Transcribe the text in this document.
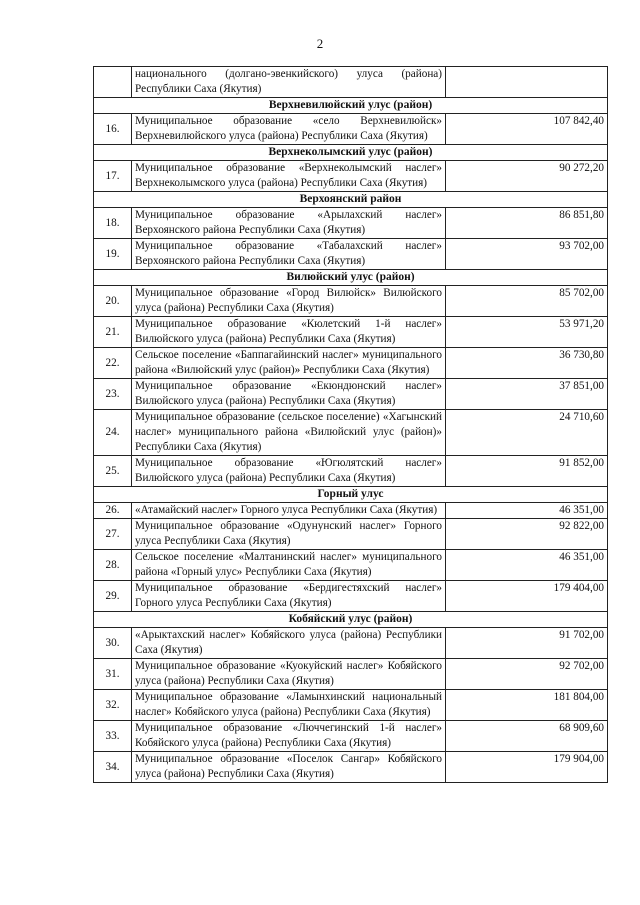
2
	национального (долгано-эвенкийского) улуса (района) Республики Саха (Якутия)	
Верхневилюйский улус (район)		
16.	Муниципальное образование «село Верхневилюйск» Верхневилюйского улуса (района) Республики Саха (Якутия)	107 842,40
Верхнеколымский улус (район)		
17.	Муниципальное образование «Верхнеколымский наслег» Верхнеколымского улуса (района) Республики Саха (Якутия)	90 272,20
Верхоянский район		
18.	Муниципальное образование «Арылахский наслег» Верхоянского района Республики Саха (Якутия)	86 851,80
19.	Муниципальное образование «Табалахский наслег» Верхоянского района Республики Саха (Якутия)	93 702,00
Вилюйский улус (район)		
20.	Муниципальное образование «Город Вилюйск» Вилюйского улуса (района) Республики Саха (Якутия)	85 702,00
21.	Муниципальное образование «Кюлетский 1-й наслег» Вилюйского улуса (района) Республики Саха (Якутия)	53 971,20
22.	Сельское поселение «Баппагайинский наслег» муниципального района «Вилюйский улус (район)» Республики Саха (Якутия)	36 730,80
23.	Муниципальное образование «Екюндюнский наслег» Вилюйского улуса (района) Республики Саха (Якутия)	37 851,00
24.	Муниципальное образование (сельское поселение) «Хагынский наслег» муниципального района «Вилюйский улус (район)» Республики Саха (Якутия)	24 710,60
25.	Муниципальное образование «Югюлятский наслег» Вилюйского улуса (района) Республики Саха (Якутия)	91 852,00
Горный улус		
26.	«Атамайский наслег» Горного улуса Республики Саха (Якутия)	46 351,00
27.	Муниципальное образование «Одунунский наслег» Горного улуса Республики Саха (Якутия)	92 822,00
28.	Сельское поселение «Малтанинский наслег» муниципального района «Горный улус» Республики Саха (Якутия)	46 351,00
29.	Муниципальное образование «Бердигестяхский наслег» Горного улуса Республики Саха (Якутия)	179 404,00
Кобяйский улус (район)		
30.	«Арыктахский наслег» Кобяйского улуса (района) Республики Саха (Якутия)	91 702,00
31.	Муниципальное образование «Куокуйский наслег» Кобяйского улуса (района) Республики Саха (Якутия)	92 702,00
32.	Муниципальное образование «Ламынхинский национальный наслег» Кобяйского улуса (района) Республики Саха (Якутия)	181 804,00
33.	Муниципальное образование «Люччегинский 1-й наслег» Кобяйского улуса (района) Республики Саха (Якутия)	68 909,60
34.	Муниципальное образование «Поселок Сангар» Кобяйского улуса (района) Республики Саха (Якутия)	179 904,00
